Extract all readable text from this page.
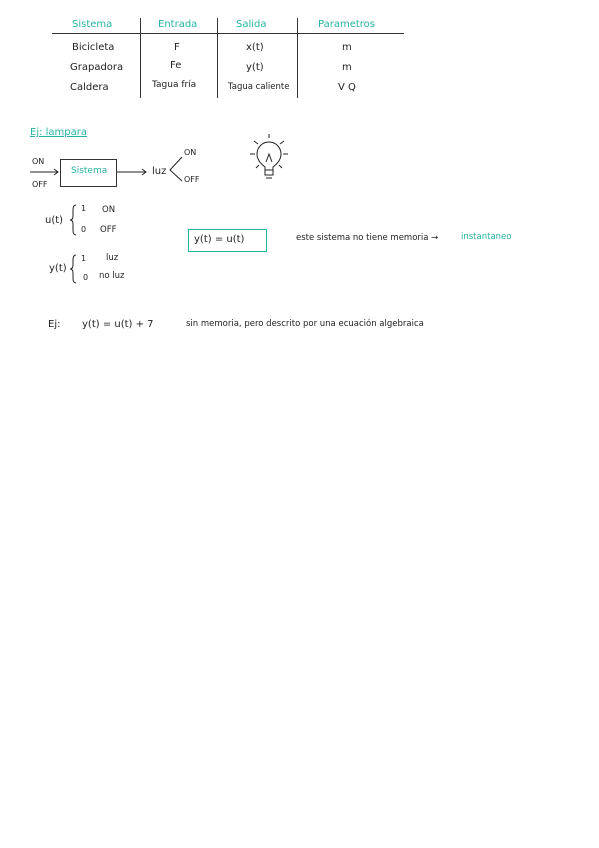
Sistema	Entrada	Salida	Parametros
Bicicleta	F	x(t)	m
Grapadora	Fe	y(t)	m
Caldera	Tagua fría	Tagua caliente	V Q
Ej: lampara
ON
OFF
Sistema	luz
ON
OFF
u(t)
1
0
ON
OFF
y(t)
1
0
luz
no luz
y(t) = u(t)	este sistema no tiene memoria →	instantaneo
Ej: y(t) = u(t) + 7	sin memoria, pero descrito por una ecuación algebraica
